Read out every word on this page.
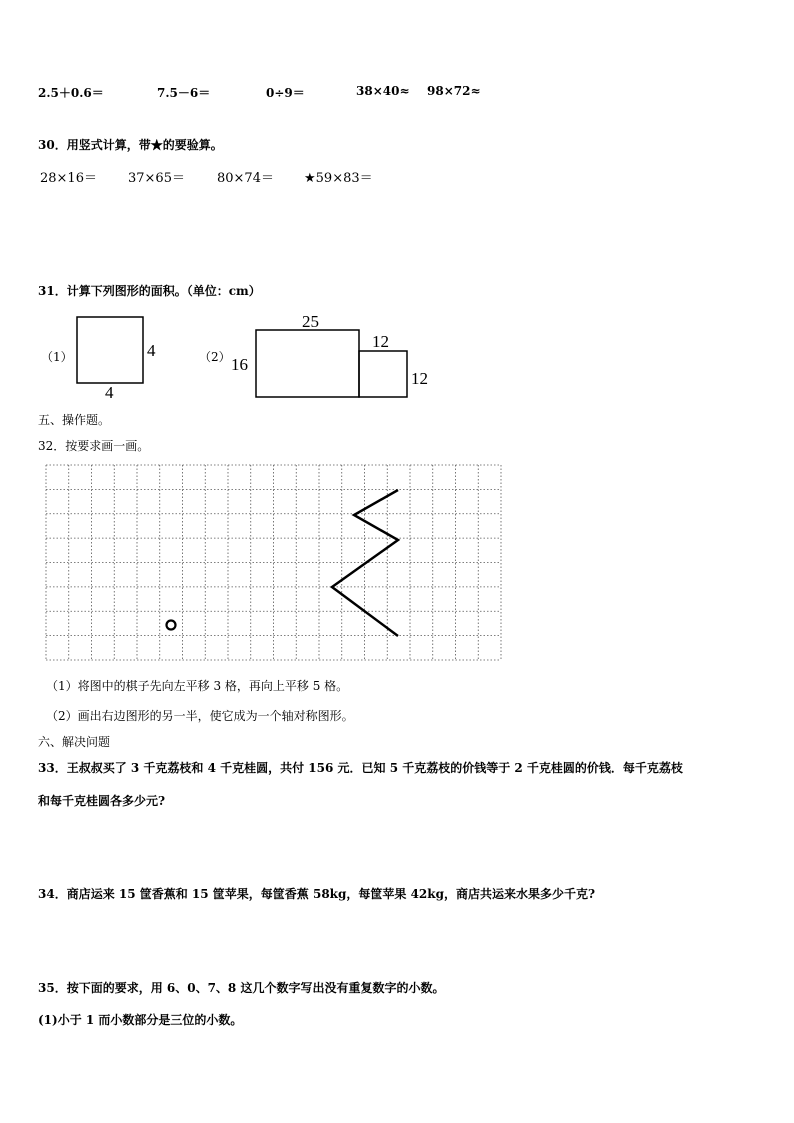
2.5＋0.6＝	7.5－6＝	0÷9＝	38×40≈ 98×72≈
30．用竖式计算，带★的要验算。
28×16＝ 37×65＝ 80×74＝ ★59×83＝
31．计算下列图形的面积。（单位：cm）
（1）	4
4
（2）
25
16
12
12
五、操作题。
32．按要求画一画。
（1）将图中的棋子先向左平移 3 格，再向上平移 5 格。
（2）画出右边图形的另一半，使它成为一个轴对称图形。
六、解决问题
33．王叔叔买了 3 千克荔枝和 4 千克桂圆，共付 156 元．已知 5 千克荔枝的价钱等于 2 千克桂圆的价钱．每千克荔枝
和每千克桂圆各多少元?
34．商店运来 15 筐香蕉和 15 筐苹果，每筐香蕉 58kg，每筐苹果 42kg，商店共运来水果多少千克?
35．按下面的要求，用 6、0、7、8 这几个数字写出没有重复数字的小数。
(1)小于 1 而小数部分是三位的小数。
